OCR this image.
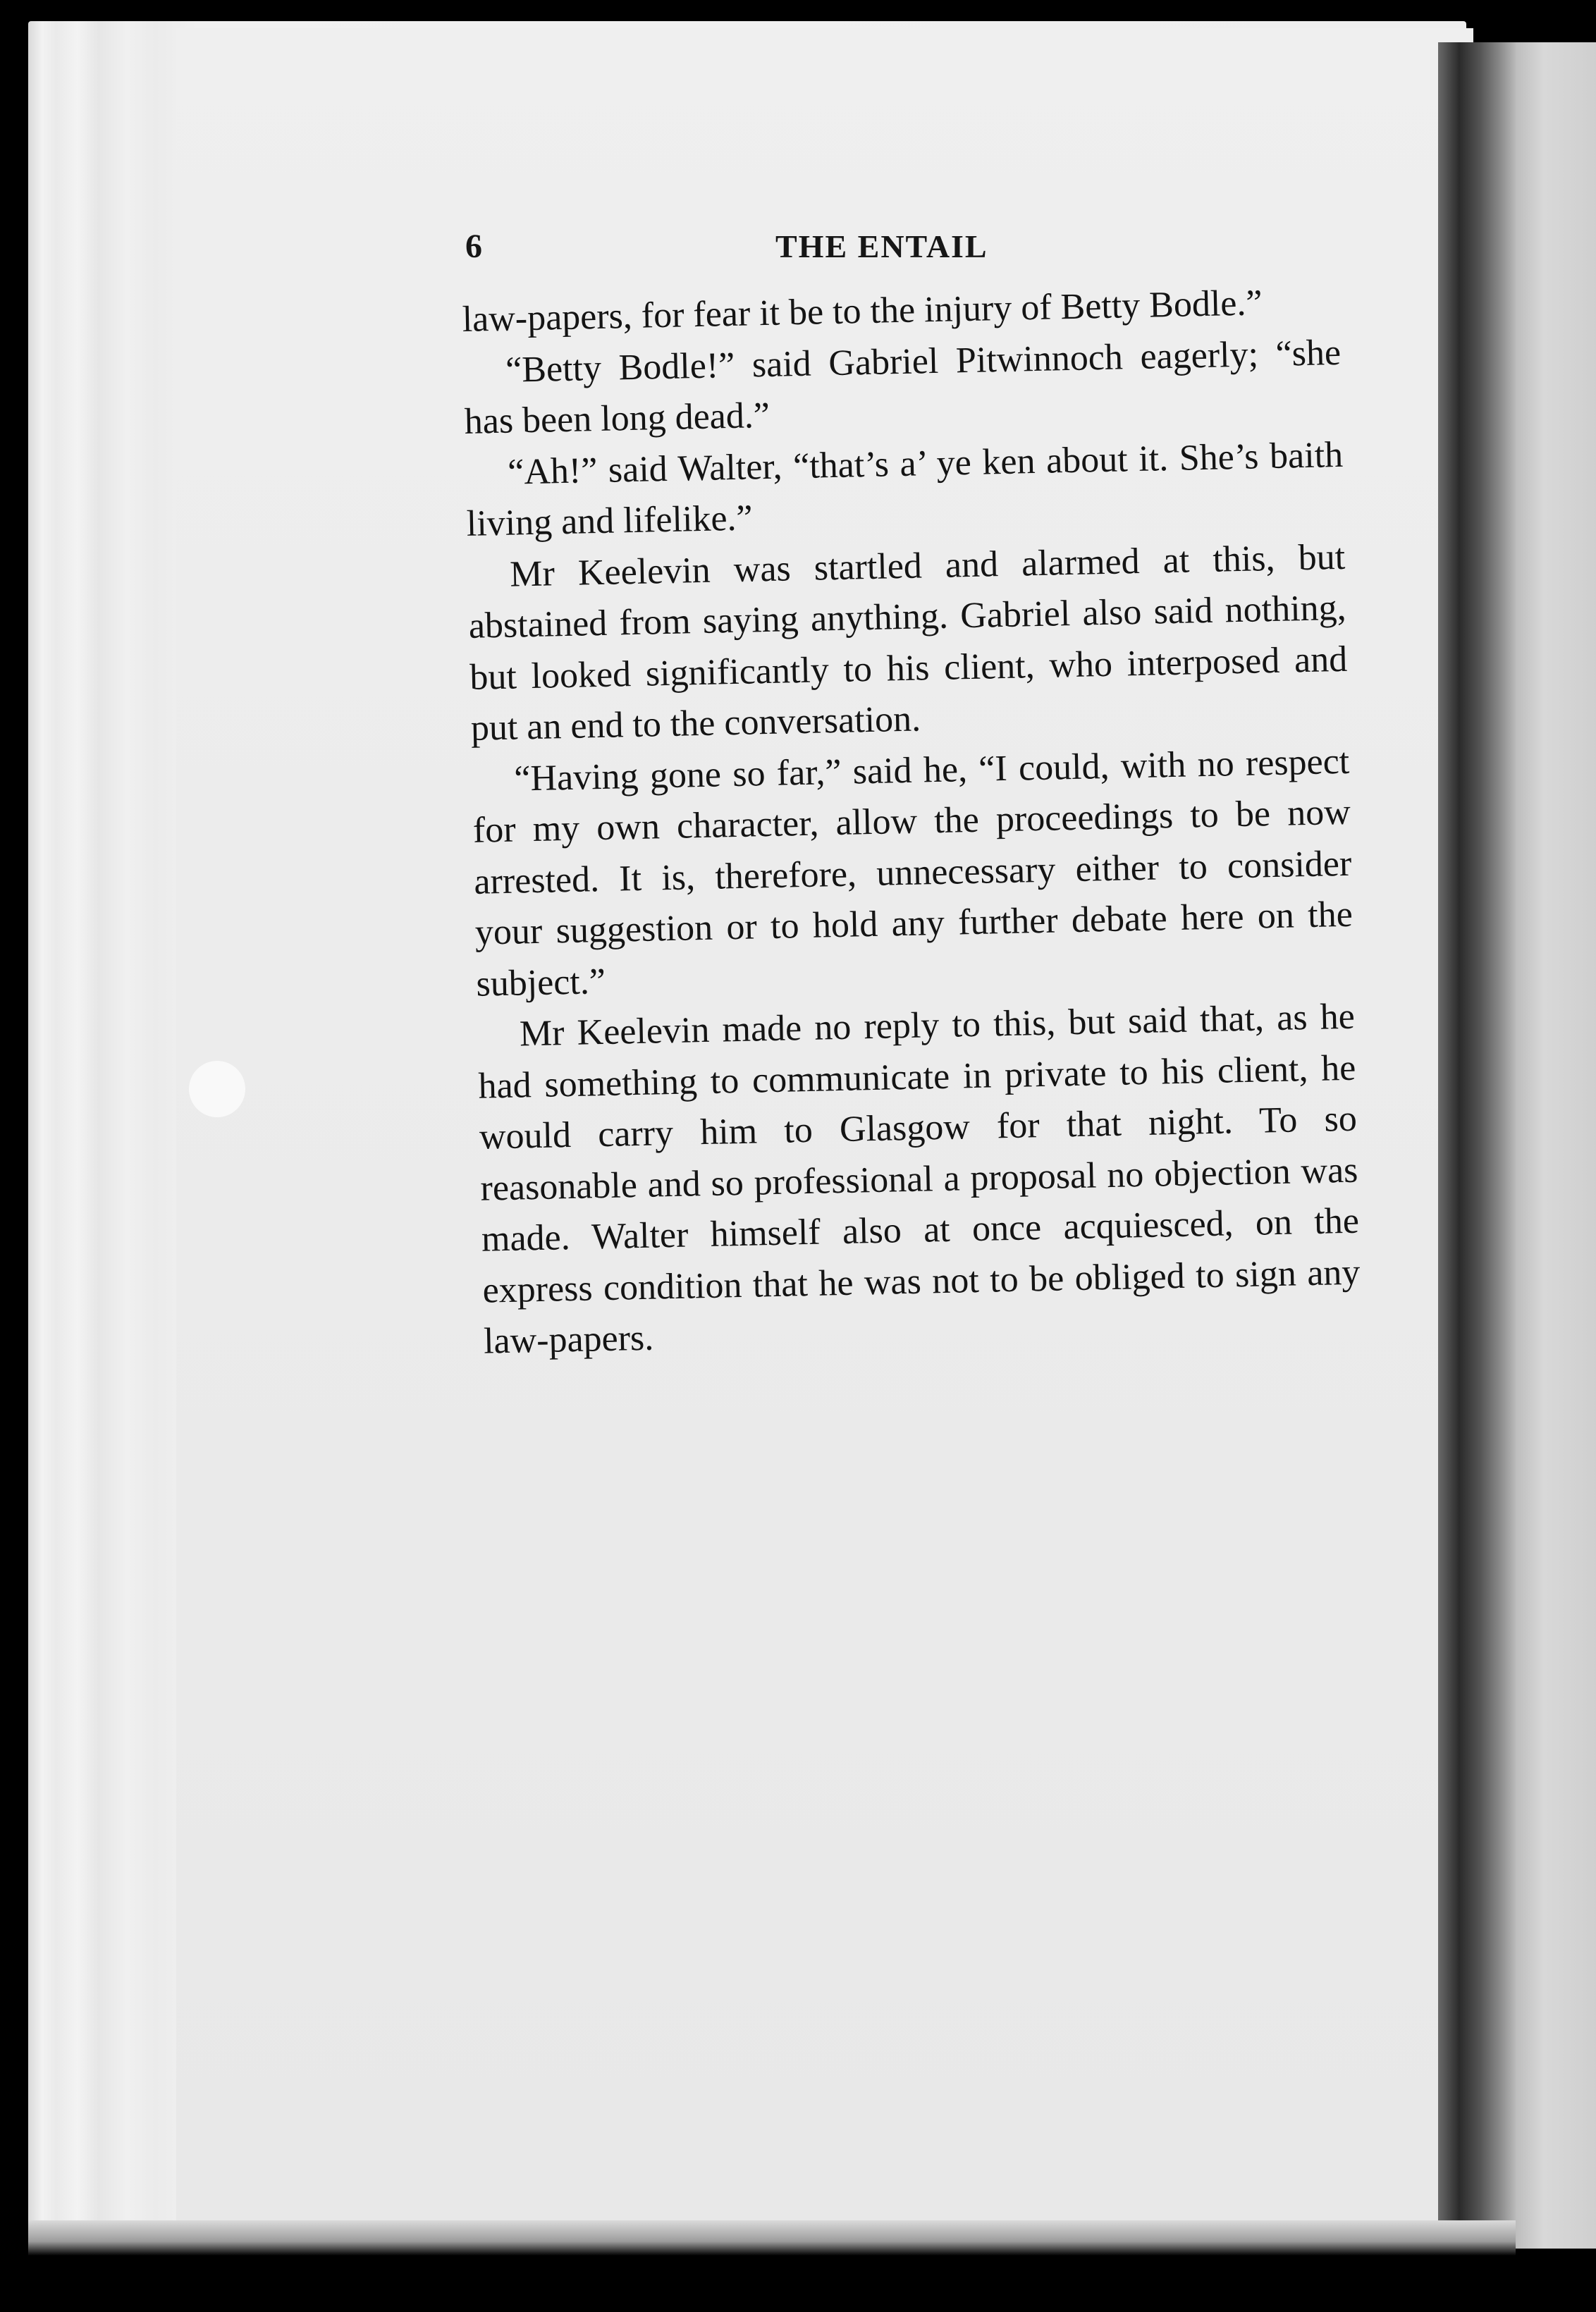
6	THE ENTAIL

law-papers, for fear it be to the injury of Betty Bodle.”

“Betty Bodle!” said Gabriel Pitwinnoch eagerly; “she has been long dead.”

“Ah!” said Walter, “that’s a’ ye ken about it. She’s baith living and lifelike.”

Mr Keelevin was startled and alarmed at this, but abstained from saying anything. Gabriel also said nothing, but looked significantly to his client, who interposed and put an end to the conversation.

“Having gone so far,” said he, “I could, with no respect for my own character, allow the proceedings to be now arrested. It is, therefore, unnecessary either to consider your suggestion or to hold any further debate here on the subject.”

Mr Keelevin made no reply to this, but said that, as he had something to communicate in private to his client, he would carry him to Glasgow for that night. To so reasonable and so professional a proposal no objection was made. Walter himself also at once acquiesced, on the express condition that he was not to be obliged to sign any law-papers.
